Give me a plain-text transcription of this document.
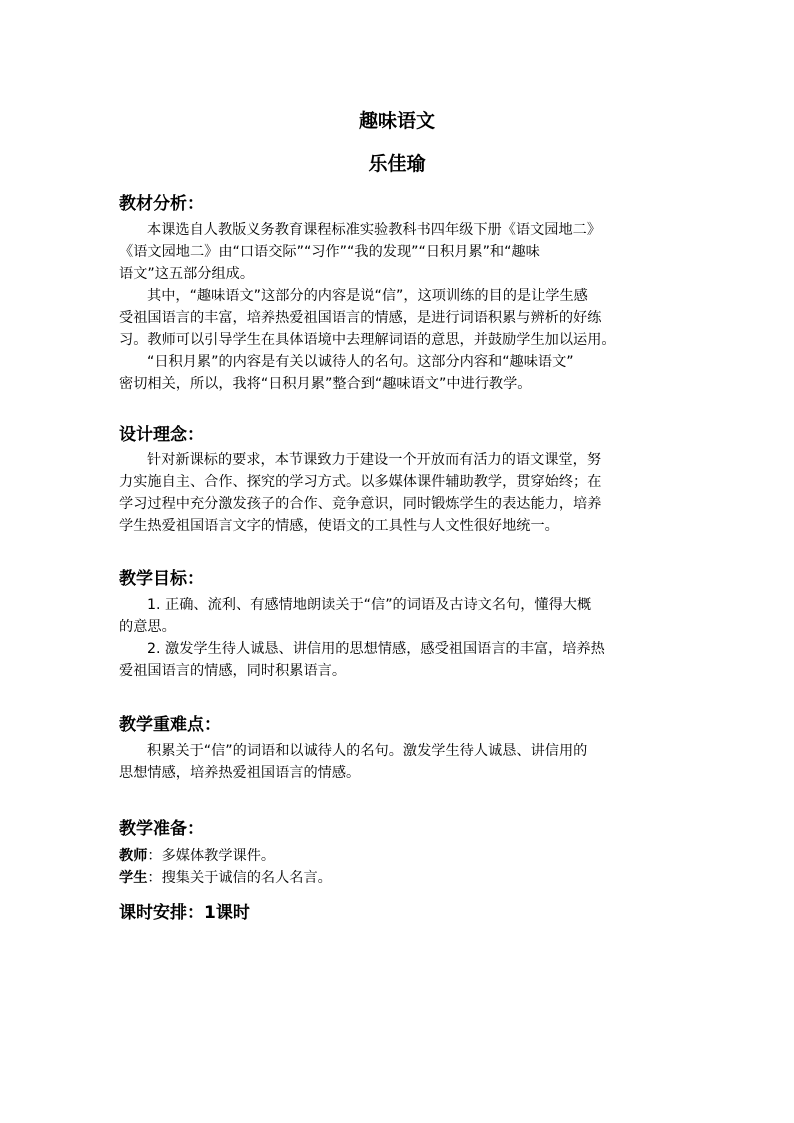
趣味语文
乐佳瑜
教材分析：
本课选自人教版义务教育课程标准实验教科书四年级下册《语文园地二》
《语文园地二》由“口语交际”“习作”“我的发现”“日积月累”和“趣味
语文”这五部分组成。
其中，“趣味语文”这部分的内容是说“信”，这项训练的目的是让学生感
受祖国语言的丰富，培养热爱祖国语言的情感，是进行词语积累与辨析的好练
习。教师可以引导学生在具体语境中去理解词语的意思，并鼓励学生加以运用。
“日积月累”的内容是有关以诚待人的名句。这部分内容和“趣味语文”
密切相关，所以，我将“日积月累”整合到“趣味语文”中进行教学。
设计理念：
针对新课标的要求，本节课致力于建设一个开放而有活力的语文课堂，努
力实施自主、合作、探究的学习方式。以多媒体课件辅助教学，贯穿始终；在
学习过程中充分激发孩子的合作、竞争意识，同时锻炼学生的表达能力，培养
学生热爱祖国语言文字的情感，使语文的工具性与人文性很好地统一。
教学目标：
1. 正确、流利、有感情地朗读关于“信”的词语及古诗文名句，懂得大概
的意思。
2. 激发学生待人诚恳、讲信用的思想情感，感受祖国语言的丰富，培养热
爱祖国语言的情感，同时积累语言。
教学重难点：
积累关于“信”的词语和以诚待人的名句。激发学生待人诚恳、讲信用的
思想情感，培养热爱祖国语言的情感。
教学准备：
教师：多媒体教学课件。
学生：搜集关于诚信的名人名言。
课时安排：1课时
